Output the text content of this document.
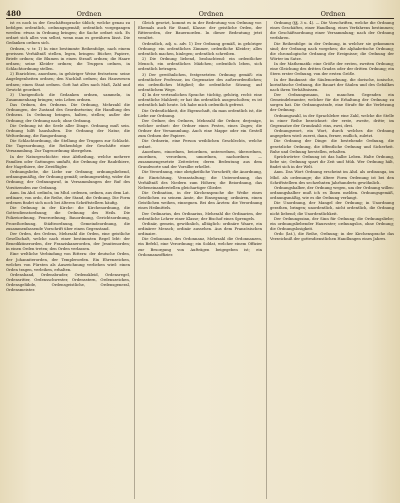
480	Ordnen	Ordnen	Ordnen

ist es noch in der Geschäftssprache üblich; welche genau zu befolgen ordentlich, ordnungsgemäß; ordentlich vorgegangen werden: etwas in Ordnung bringen; die Sache ordnet sich. Es ordnet sich alles von selbst, wenn man es gewähren lässt. Die Gedanken ordnen sich.

Ordnen, v. tr. 1) In eine bestimmte Reihenfolge, nach einem gewissen Verhältniß stellen, legen, bringen: Bücher, Papiere, Briefe ordnen; die Blumen in einen Strauß ordnen; die Haare ordnen; seine Kleider ordnen; die Truppen ordnen, in Schlachtordnung stellen.

2) Einrichten, anordnen, in gehöriger Weise festsetzen: seine Angelegenheiten ordnen; den Nachlaß ordnen; das Hauswesen ordnen; einen Staat ordnen. Gott hat alles nach Maß, Zahl und Gewicht geordnet.

3) Uneigentlich: die Gedanken ordnen, sammeln, in Zusammenhang bringen; sein Leben ordnen.

Das Ordnen, des Ordnens. Die Ordnung, Mehrzahl die Ordnungen, der Zustand des Geordnetseins; die Handlung des Ordnens. In Ordnung bringen, halten, stellen; außer der Ordnung; der Ordnung nach; ohne Ordnung.

Die Ordnung ist die Seele aller Dinge. Ordnung muß sein. Ordnung hilft haushalten. Die Ordnung der Natur, die Weltordnung, die Rangordnung.

Die Schlachtordnung, die Stellung der Truppen zur Schlacht. Die Tagesordnung, die Reihenfolge der Geschäfte einer Versammlung. Zur Tagesordnung übergehen.

In der Naturgeschichte: eine Abtheilung, welche mehrere Familien oder Gattungen umfaßt, die Ordnung der Raubthiere, der Nagethiere, der Zweiflügler.

Ordnungsliebe, die Liebe zur Ordnung; ordnungsliebend, ordnungsmäßig, der Ordnung gemäß; ordnungswidrig, wider die Ordnung; der Ordnungsruf, in Versammlungen der Ruf des Vorsitzenden zur Ordnung.

Anm. Im Ahd. ordinôn, im Mhd. ordenen, ordnen, aus dem Lat. ordinare, von ordo, die Reihe, der Stand, die Ordnung. Die Form ordenen findet sich noch bei älteren Schriftstellern häufig.

Die Ordnung in der Kirche: die Kirchenordnung, die Gottesdienstordnung; die Ordnung des Heils. Die Polizeiordnung, Feuerordnung, Bauordnung, Gerichtsordnung, Prozeßordnung, Städteordnung, Gemeindeordnung, die zusammenfassende Vorschrift über einen Gegenstand.

Der Orden, des Ordens, Mehrzahl die Orden, eine geistliche Gesellschaft, welche nach einer bestimmten Regel lebt: der Benediktinerorden, der Franziskanerorden, der Jesuitenorden; in einen Orden treten; den Orden verlassen.

Eine weltliche Verbindung von Rittern: der deutsche Orden, der Johanniterorden, der Templerorden. Ein Ehrenzeichen, welches von Fürsten als Auszeichnung verliehen wird: einen Orden tragen, verleihen, erhalten.

Ordensband, Ordensbruder, Ordenskleid, Ordensregel, Ordensritter, Ordensschwester, Ordensstern, Ordenszeichen, Ordensgelübde, Ordensgeistliche, Ordensgeneral, Ordensmeister.

Gleich gesetzt, kommt es in der Bedeutung von Ordnung vor. Ehemals auch für Stand, Klasse: der geistliche Orden, der Ritterorden, der Bauernorden. In dieser Bedeutung jetzt veraltet.

Ordentlich, adj. u. adv. 1) Der Ordnung gemäß, in gehöriger Ordnung: ein ordentliches Zimmer, ordentliche Kleider; alles ordentlich machen, hinlegen; ordentlich schreiben.

2) Die Ordnung liebend, beobachtend: ein ordentlicher Mensch, ein ordentliches Mädchen; ordentlich leben, sich ordentlich betragen.

3) Der gewöhnlichen, festgesetzten Ordnung gemäß: ein ordentlicher Professor, im Gegensatze des außerordentlichen; ein ordentliches Mitglied; die ordentliche Sitzung; auf ordentlichem Wege.

4) In der vertraulichen Sprache: tüchtig, gehörig, recht: eine ordentliche Mahlzeit; er hat ihn ordentlich ausgescholten; es ist ordentlich kalt heute. Ich habe mich ordentlich gefreut.

Die Ordentlichkeit, die Eigenschaft, da man ordentlich ist, die Liebe zur Ordnung.

Der Ordner, des Ordners, Mehrzahl die Ordner, derjenige, welcher ordnet: der Ordner eines Festes, eines Zuges; die Ordner der Versammlung. Auch eine Mappe oder ein Gestell zum Ordnen der Papiere.

Die Ordnerin, eine Person weiblichen Geschlechts, welche ordnet.

Anordnen, einordnen, beiordnen, unterordnen, überordnen, zuordnen, verordnen, umordnen, nachordnen — zusammengesetzte Zeitwörter, deren Bedeutung aus dem Grundworte und der Vorsilbe erhellet.

Die Verordnung, eine obrigkeitliche Vorschrift; die Anordnung, die Einrichtung, Veranstaltung; die Unterordnung, das Verhältniß des Niedern zum Höhern; die Beiordnung, das Nebeneinanderstellen gleichartiger Glieder.

Die Ordination, in der Kirchensprache die Weihe eines Geistlichen zu seinem Amte, die Einsegnung; ordiniren, einen Geistlichen weihen, einsegnen. Bei den Ärzten: die Verordnung eines Heilmittels.

Der Ordinarius, des Ordinarius, Mehrzahl die Ordinarien, der ordentliche Lehrer einer Klasse; der Bischof eines Sprengels.

Ordinär, gemein, gewöhnlich, alltäglich: ordinäre Waare, ein ordinärer Mensch; ordinär aussehen. Aus dem Französischen ordinaire.

Die Ordonnanz, des Ordonnanz, Mehrzahl die Ordonnanzen, ein Befehl, eine Verordnung; ein Soldat, welcher einem Offizier zur Besorgung von Aufträgen beigegeben ist; ein Ordonnanzoffizier.

Ordnung (§§. 3 u. 4). — Die Vorschriften, welche die Ordnung eines Geschäftes, einer Handlung, eines Verfahrens bestimmen; die Geschäftsordnung einer Versammlung; nach der Ordnung verfahren.

Die Reihenfolge: in der Ordnung, in welcher sie gekommen sind; der Ordnung nach vorgehen; die alphabetische Ordnung; die chronologische Ordnung der Ereignisse; die Ordnung der Wörter im Satze.

In der Mathematik: eine Größe der ersten, zweiten Ordnung; eine Gleichung des dritten Grades oder der dritten Ordnung; ein Stern erster Ordnung, von der ersten Größe.

In der Baukunst: die Säulenordnung, die dorische, ionische, korinthische Ordnung, die Bauart der Säulen und des Gebälkes nach ihren Verhältnissen.

Der Ordnungsmann, in manchen Gegenden ein Gemeindebeamter, welcher für die Erhaltung der Ordnung zu sorgen hat. Die Ordnungsstrafe, eine Strafe für die Verletzung der Ordnung.

Ordnungszahl, in der Sprachlehre eine Zahl, welche die Stelle in einer Reihe bezeichnet: der erste, zweite, dritte; im Gegensatze der Grundzahl: eins, zwei, drei.

Ordnungswort, ein Wort, durch welches die Ordnung angegeben wird: zuerst, dann, ferner, endlich, zuletzt.

Die Ordnung der Dinge: die bestehende Ordnung, die gesetzliche Ordnung, die öffentliche Ordnung und Sicherheit. Ruhe und Ordnung herstellen, erhalten.

Sprichwörter: Ordnung ist das halbe Leben. Halte Ordnung, liebe sie, Ordnung spart dir Zeit und Müh. Wer Ordnung hält, findet sich in der Welt.

Anm. Das Wort Ordnung erscheint im Ahd. als ordinunga, im Mhd. als ordenunge; die ältere Form Ordenung ist bei den Schriftstellern des sechzehnten Jahrhunderts gewöhnlich.

Ordnungshalber, der Ordnung wegen, um der Ordnung willen: ordnungshalber muß ich es Ihnen melden. Ordnungsgemäß, ordnungsmäßig, wie es die Ordnung verlangt.

Die Unordnung, der Mangel der Ordnung; in Unordnung gerathen, bringen; unordentlich, nicht ordentlich, die Ordnung nicht liebend; die Unordentlichkeit.

Der Ordnungssinn, der Sinn für Ordnung; die Ordnungsliebe; ein ordnungsliebender Hausvater; ordnungslos, ohne Ordnung; die Ordnungslosigkeit.

Ordo (lat.), die Reihe, Ordnung; in der Kirchensprache das Verzeichniß der gottesdienstlichen Handlungen eines Jahres.
